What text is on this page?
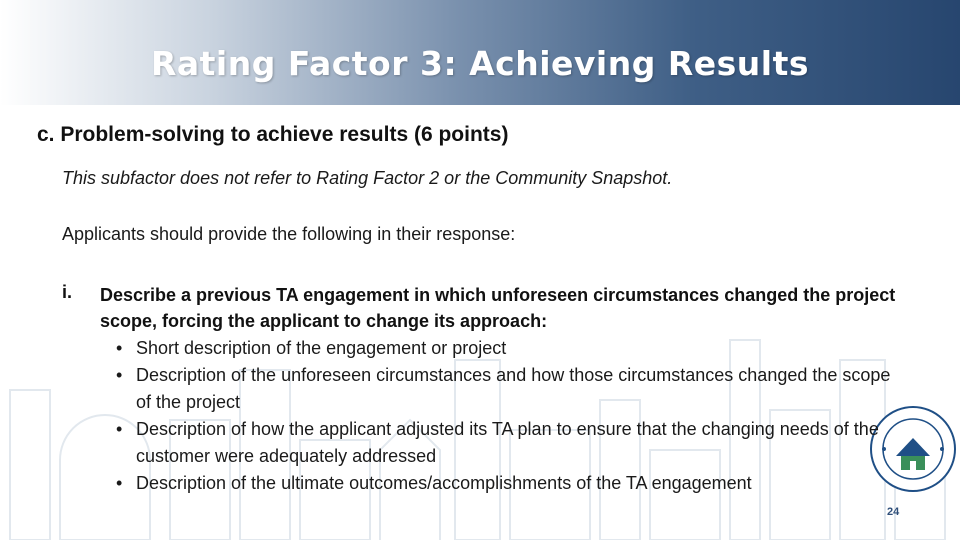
Rating Factor 3: Achieving Results
c. Problem-solving to achieve results (6 points)
This subfactor does not refer to Rating Factor 2 or the Community Snapshot.
Applicants should provide the following in their response:
i. Describe a previous TA engagement in which unforeseen circumstances changed the project scope, forcing the applicant to change its approach:
• Short description of the engagement or project
• Description of the unforeseen circumstances and how those circumstances changed the scope of the project
• Description of how the applicant adjusted its TA plan to ensure that the changing needs of the customer were adequately addressed
• Description of the ultimate outcomes/accomplishments of the TA engagement
24
